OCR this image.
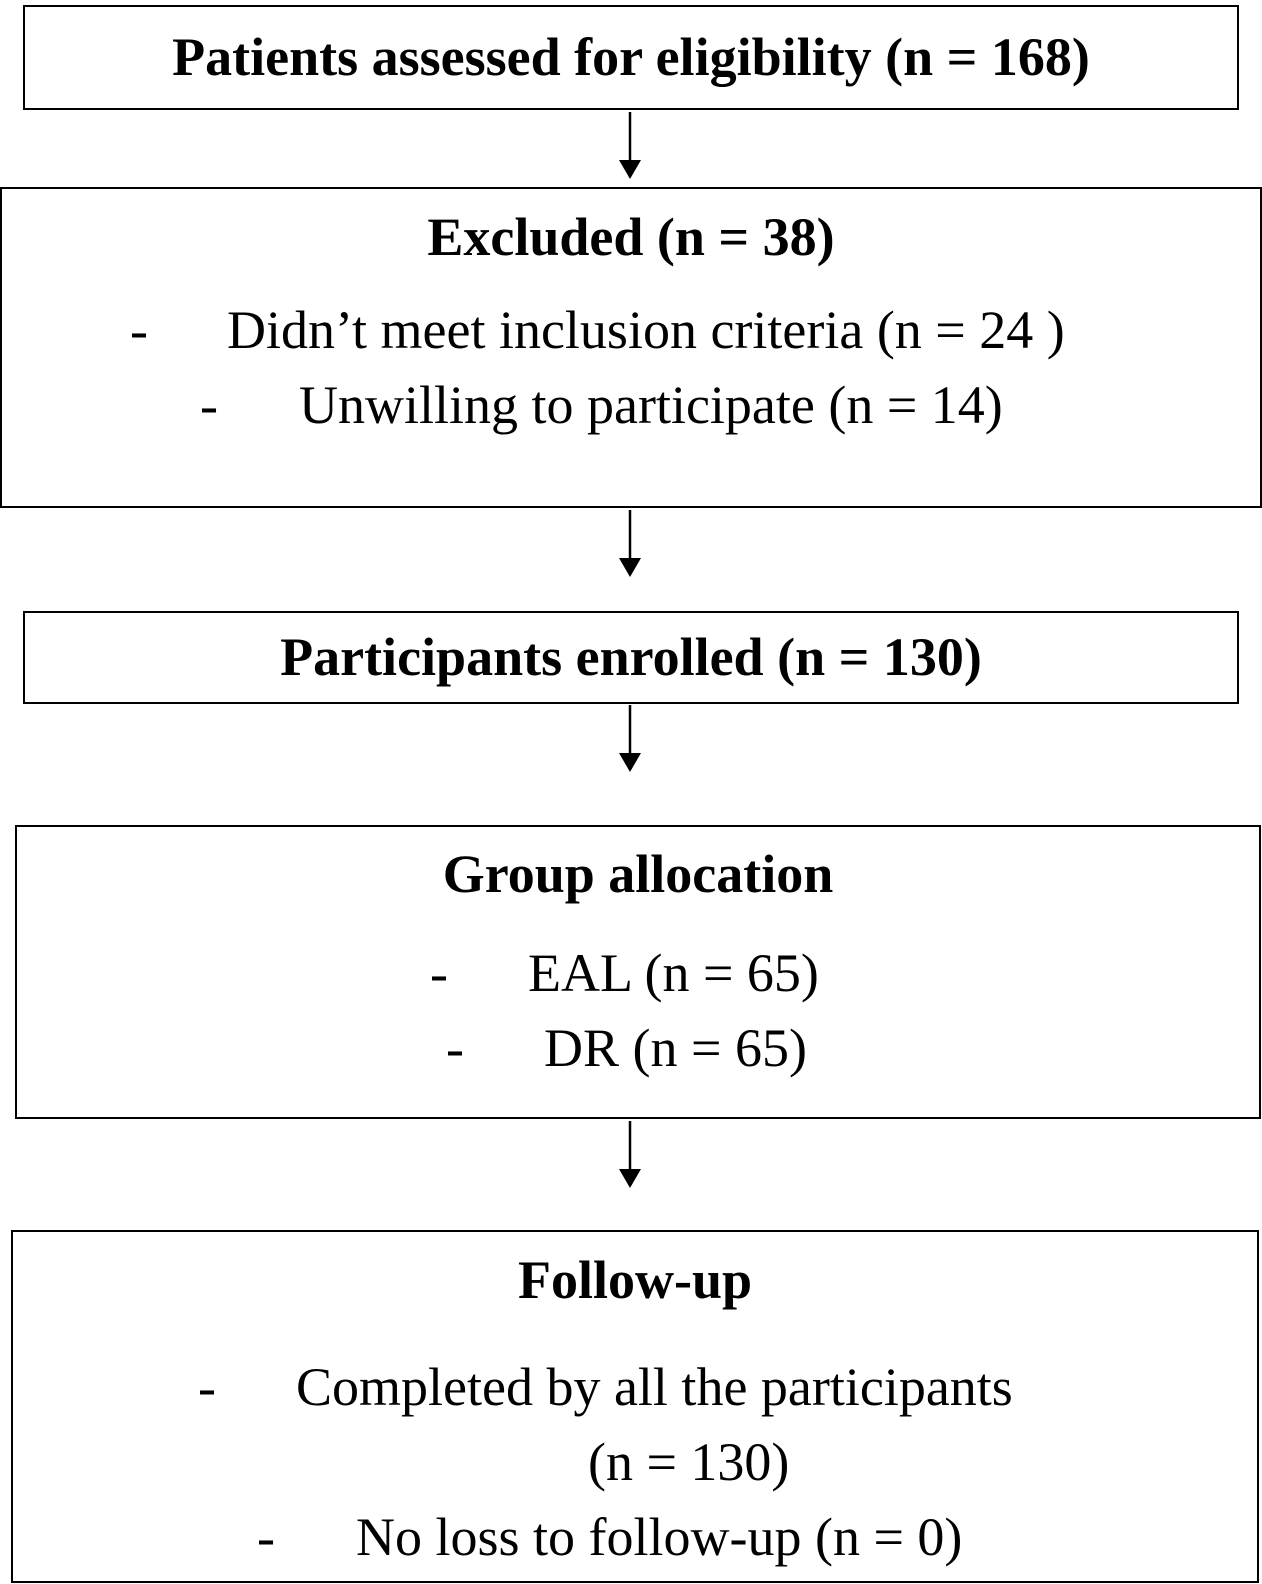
Patients assessed for eligibility (n = 168)
Excluded (n = 38)
- Didn’t meet inclusion criteria (n = 24 )
- Unwilling to participate (n = 14)
Participants enrolled (n = 130)
Group allocation
- EAL (n = 65)
- DR (n = 65)
Follow-up
- Completed by all the participants
(n = 130)
- No loss to follow-up (n = 0)
